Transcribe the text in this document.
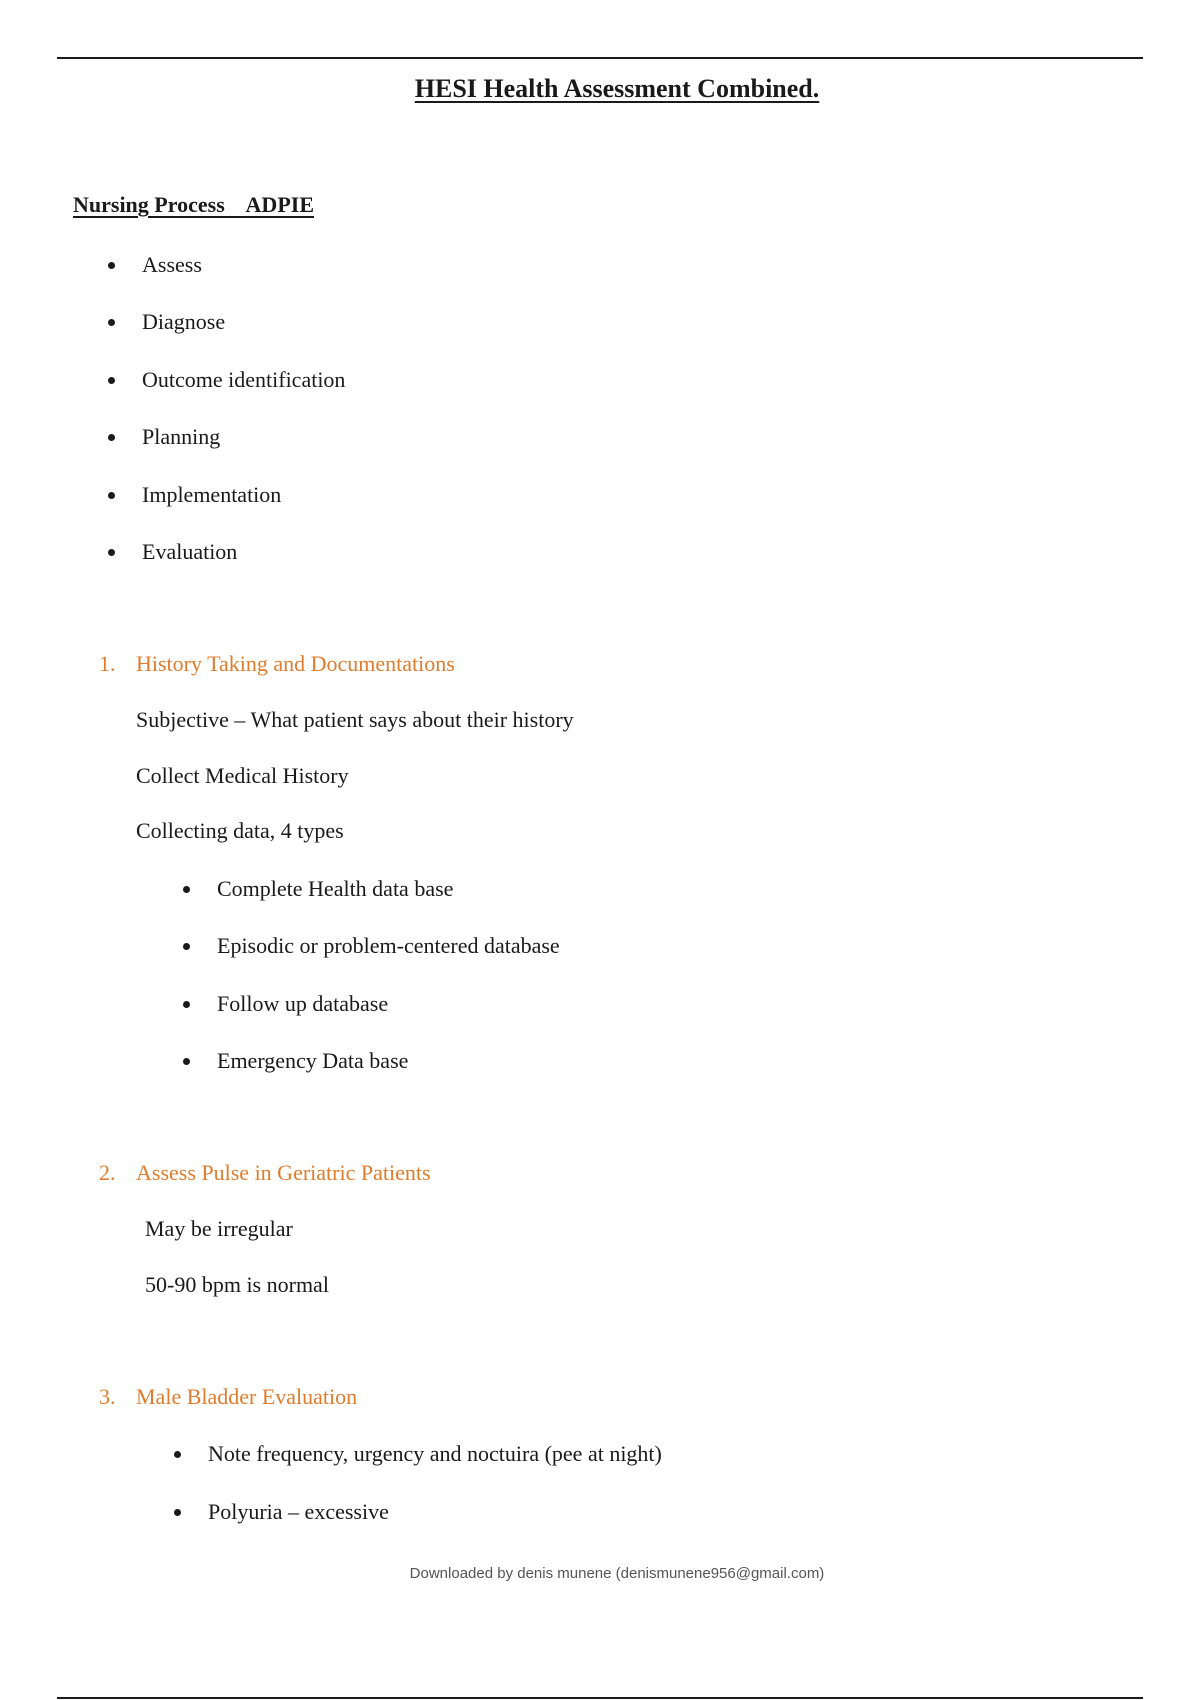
HESI Health Assessment Combined.
Nursing Process    ADPIE
Assess
Diagnose
Outcome identification
Planning
Implementation
Evaluation
1. History Taking and Documentations
Subjective – What patient says about their history
Collect Medical History
Collecting data, 4 types
Complete Health data base
Episodic or problem-centered database
Follow up database
Emergency Data base
2. Assess Pulse in Geriatric Patients
May be irregular
50-90 bpm is normal
3. Male Bladder Evaluation
Note frequency, urgency and noctuira (pee at night)
Polyuria – excessive
Downloaded by denis munene (denismunene956@gmail.com)
